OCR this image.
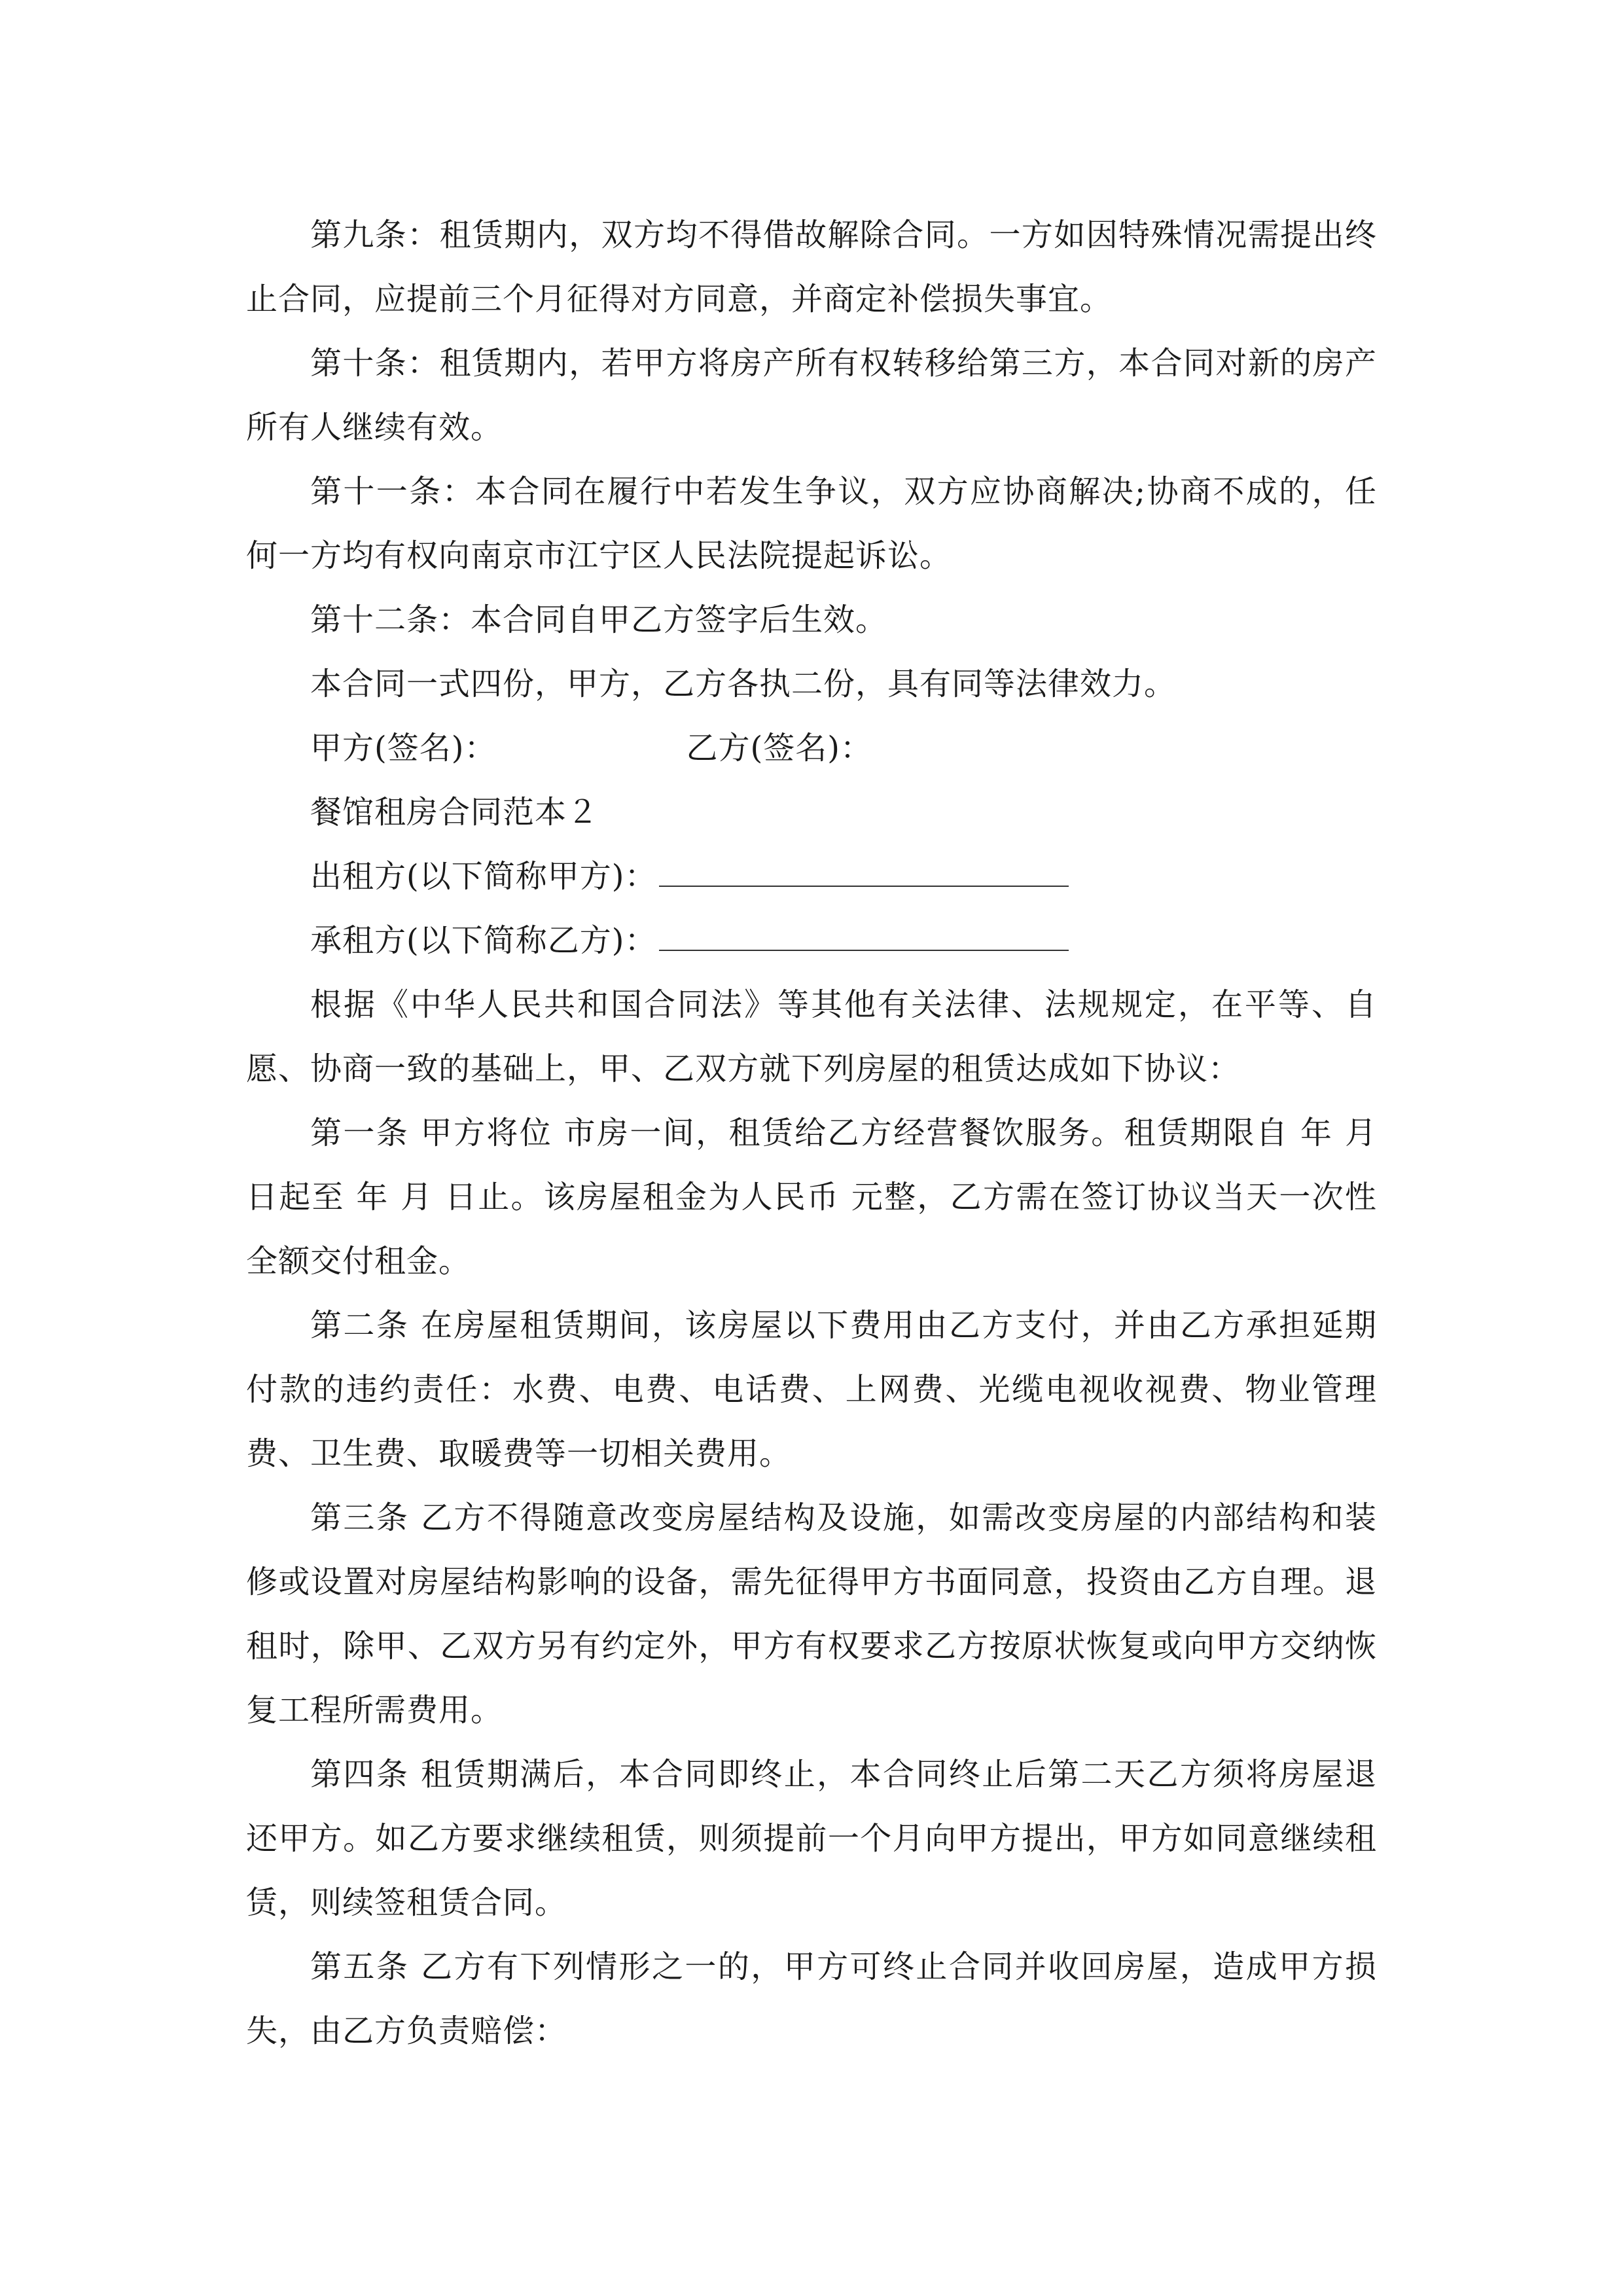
第九条：租赁期内，双方均不得借故解除合同。一方如因特殊情况需提出终止合同，应提前三个月征得对方同意，并商定补偿损失事宜。

第十条：租赁期内，若甲方将房产所有权转移给第三方，本合同对新的房产所有人继续有效。

第十一条：本合同在履行中若发生争议，双方应协商解决;协商不成的，任何一方均有权向南京市江宁区人民法院提起诉讼。

第十二条：本合同自甲乙方签字后生效。

本合同一式四份，甲方，乙方各执二份，具有同等法律效力。

甲方(签名)：	乙方(签名)：

餐馆租房合同范本２

出租方(以下简称甲方)：

承租方(以下简称乙方)：

根据《中华人民共和国合同法》等其他有关法律、法规规定，在平等、自愿、协商一致的基础上，甲、乙双方就下列房屋的租赁达成如下协议：

第一条 甲方将位 市房一间，租赁给乙方经营餐饮服务。租赁期限自 年 月 日起至 年 月 日止。该房屋租金为人民币 元整，乙方需在签订协议当天一次性全额交付租金。

第二条 在房屋租赁期间，该房屋以下费用由乙方支付，并由乙方承担延期付款的违约责任：水费、电费、电话费、上网费、光缆电视收视费、物业管理费、卫生费、取暖费等一切相关费用。

第三条 乙方不得随意改变房屋结构及设施，如需改变房屋的内部结构和装修或设置对房屋结构影响的设备，需先征得甲方书面同意，投资由乙方自理。退租时，除甲、乙双方另有约定外，甲方有权要求乙方按原状恢复或向甲方交纳恢复工程所需费用。

第四条 租赁期满后，本合同即终止，本合同终止后第二天乙方须将房屋退还甲方。如乙方要求继续租赁，则须提前一个月向甲方提出，甲方如同意继续租赁，则续签租赁合同。

第五条 乙方有下列情形之一的，甲方可终止合同并收回房屋，造成甲方损失，由乙方负责赔偿：
